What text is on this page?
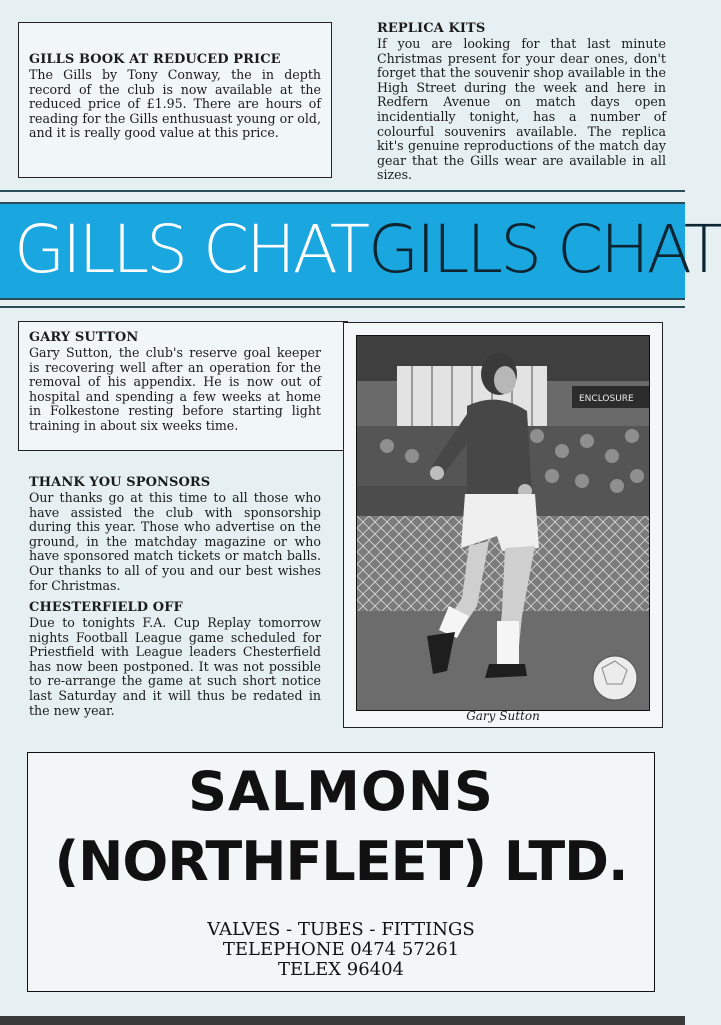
GILLS BOOK AT REDUCED PRICE

The Gills by Tony Conway, the in depth record of the club is now available at the reduced price of £1.95. There are hours of reading for the Gills enthusuast young or old, and it is really good value at this price.

REPLICA KITS

If you are looking for that last minute Christmas present for your dear ones, don't forget that the souvenir shop available in the High Street during the week and here in Redfern Avenue on match days open incidentially tonight, has a number of colourful souvenirs available. The replica kit's genuine reproductions of the match day gear that the Gills wear are available in all sizes.

GILLS CHAT GILLS CHAT

GARY SUTTON

Gary Sutton, the club's reserve goal keeper is recovering well after an operation for the removal of his appendix. He is now out of hospital and spending a few weeks at home in Folkestone resting before starting light training in about six weeks time.

THANK YOU SPONSORS

Our thanks go at this time to all those who have assisted the club with sponsorship during this year. Those who advertise on the ground, in the matchday magazine or who have sponsored match tickets or match balls. Our thanks to all of you and our best wishes for Christmas.

CHESTERFIELD OFF

Due to tonights F.A. Cup Replay tomorrow nights Football League game scheduled for Priestfield with League leaders Chesterfield has now been postponed. It was not possible to re-arrange the game at such short notice last Saturday and it will thus be redated in the new year.

ENCLOSURE
Gary Sutton
SALMONS
(NORTHFLEET) LTD.
VALVES - TUBES - FITTINGS
TELEPHONE 0474 57261
TELEX 96404
